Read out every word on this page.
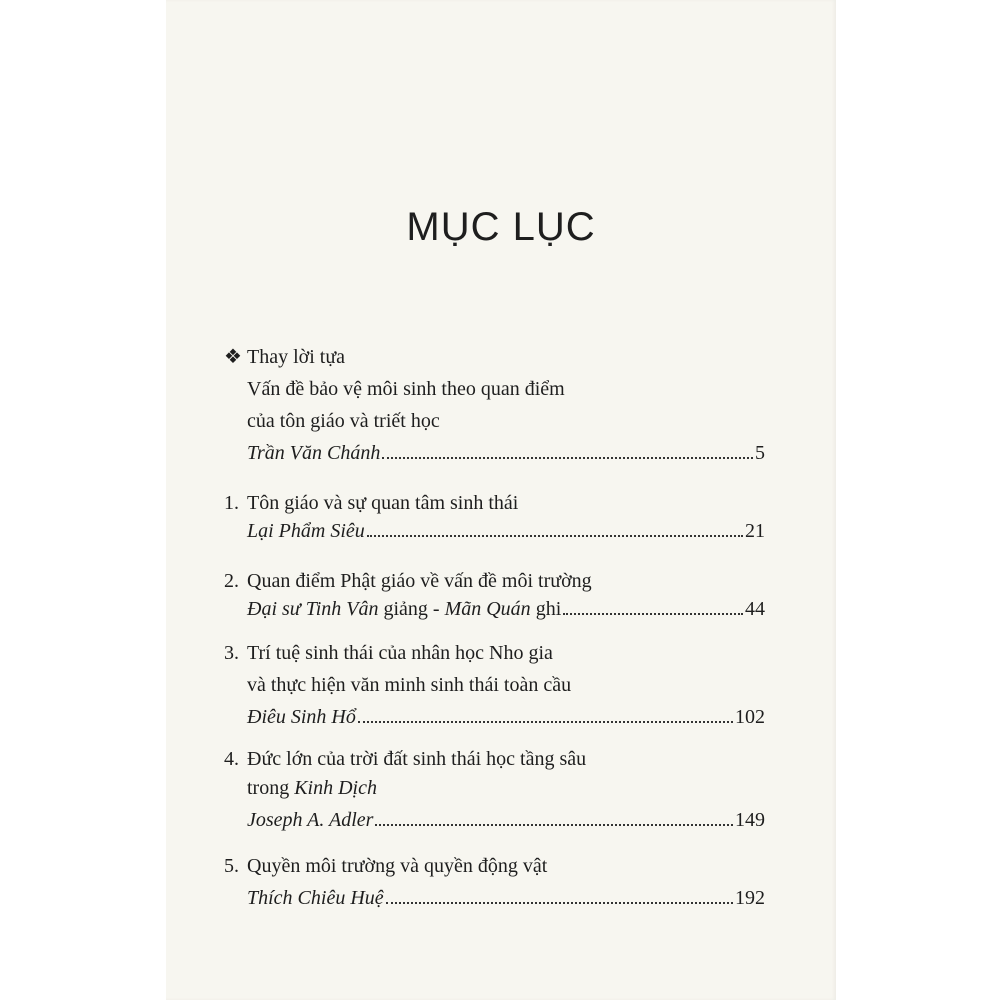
MỤC LỤC
❖ Thay lời tựa
Vấn đề bảo vệ môi sinh theo quan điểm
của tôn giáo và triết học
Trần Văn Chánh	5
1. Tôn giáo và sự quan tâm sinh thái
Lại Phẩm Siêu	21
2. Quan điểm Phật giáo về vấn đề môi trường
Đại sư Tinh Vân giảng - Mãn Quán ghi	44
3. Trí tuệ sinh thái của nhân học Nho gia
và thực hiện văn minh sinh thái toàn cầu
Điêu Sinh Hổ	102
4. Đức lớn của trời đất sinh thái học tầng sâu
trong Kinh Dịch
Joseph A. Adler	149
5. Quyền môi trường và quyền động vật
Thích Chiêu Huệ	192
